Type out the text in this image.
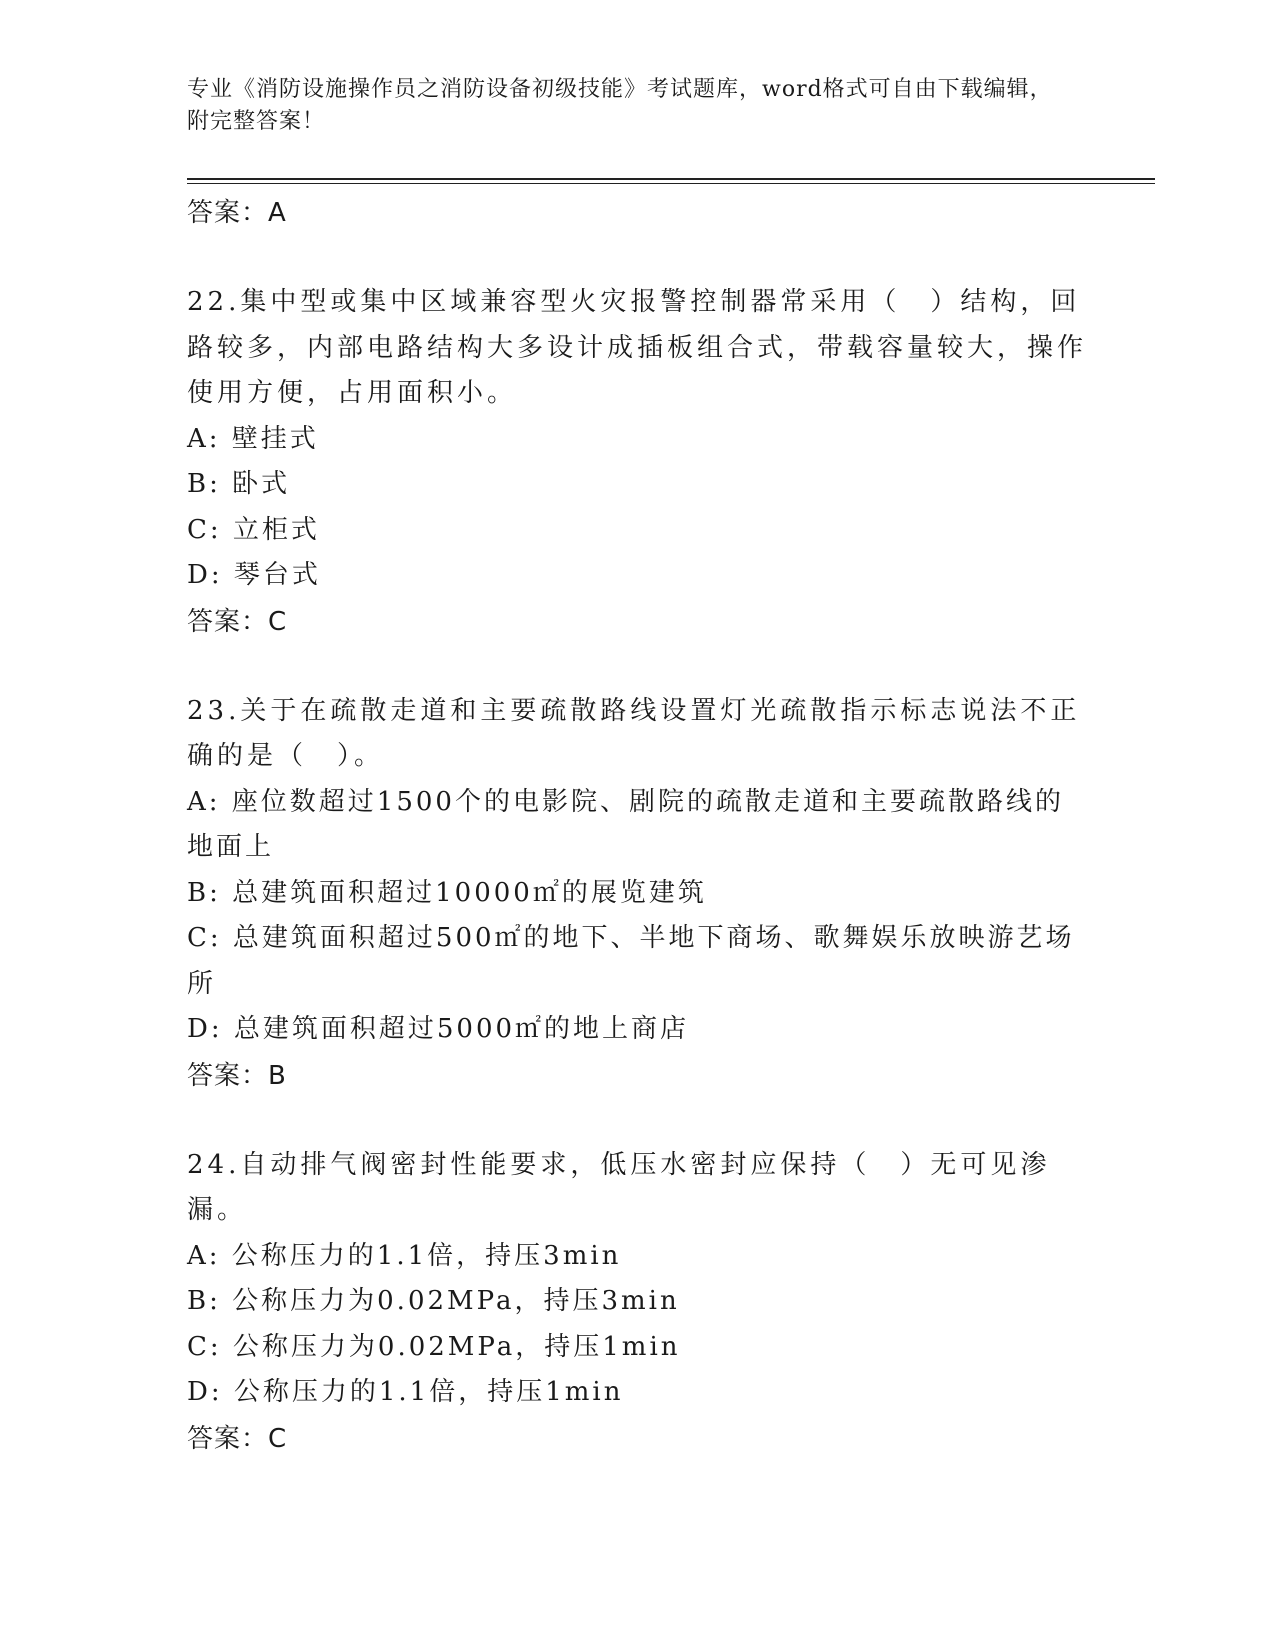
专业《消防设施操作员之消防设备初级技能》考试题库，word格式可自由下载编辑，附完整答案！
答案：A

22.集中型或集中区域兼容型火灾报警控制器常采用（　）结构，回路较多，内部电路结构大多设计成插板组合式，带载容量较大，操作使用方便，占用面积小。

A: 壁挂式

B: 卧式

C: 立柜式

D: 琴台式

答案：C

23.关于在疏散走道和主要疏散路线设置灯光疏散指示标志说法不正确的是（　）。

A: 座位数超过1500个的电影院、剧院的疏散走道和主要疏散路线的地面上

B: 总建筑面积超过10000㎡的展览建筑

C: 总建筑面积超过500㎡的地下、半地下商场、歌舞娱乐放映游艺场所

D: 总建筑面积超过5000㎡的地上商店

答案：B

24.自动排气阀密封性能要求，低压水密封应保持（　）无可见渗漏。

A: 公称压力的1.1倍，持压3min

B: 公称压力为0.02MPa，持压3min

C: 公称压力为0.02MPa，持压1min

D: 公称压力的1.1倍，持压1min

答案：C
